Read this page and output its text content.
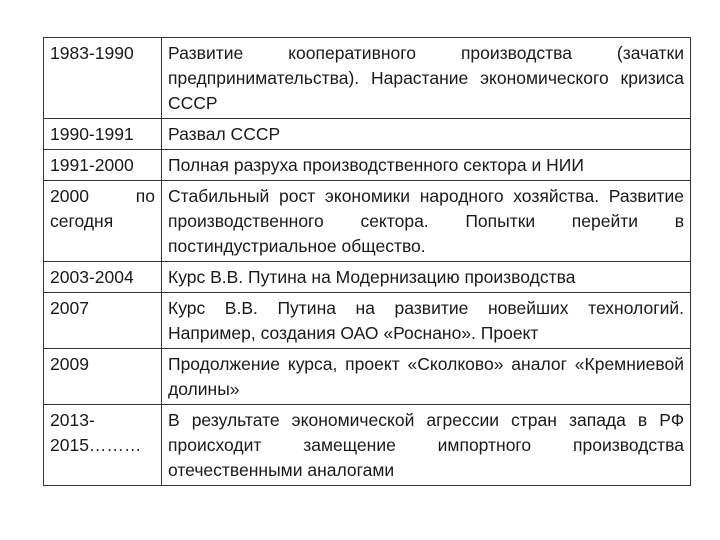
1983-1990	Развитие кооперативного производства (зачатки предпринимательства). Нарастание экономического кризиса СССР
1990-1991	Развал СССР
1991-2000	Полная разруха производственного сектора и НИИ
2000 по сегодня	Стабильный рост экономики народного хозяйства. Развитие производственного сектора. Попытки перейти в постиндустриальное общество.
2003-2004	Курс В.В. Путина на Модернизацию производства
2007	Курс В.В. Путина на развитие новейших технологий. Например, создания ОАО «Роснано». Проект
2009	Продолжение курса, проект «Сколково» аналог «Кремниевой долины»
2013-2015………	В результате экономической агрессии стран запада в РФ происходит замещение импортного производства отечественными аналогами
